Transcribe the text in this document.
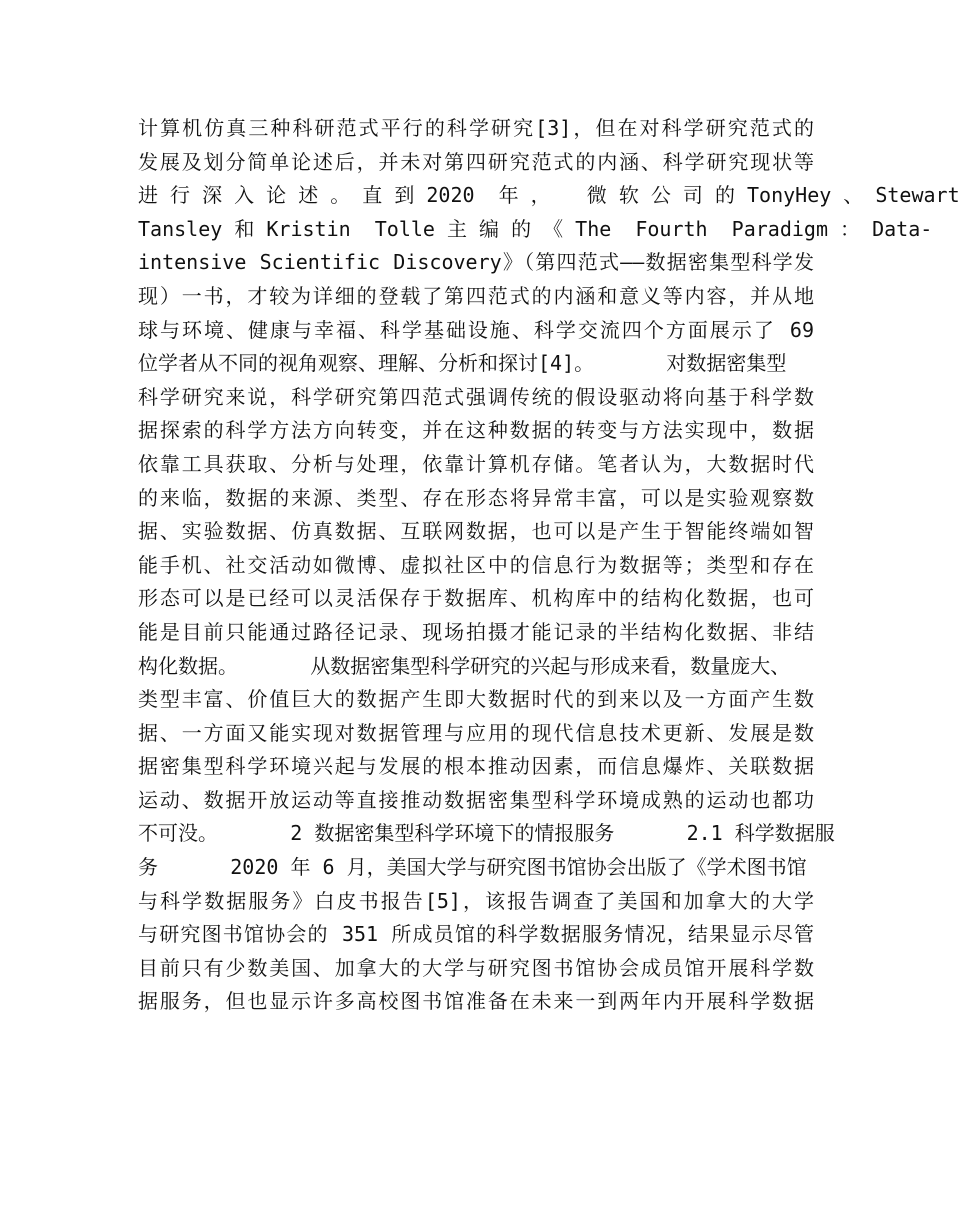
计算机仿真三种科研范式平行的科学研究[3]，但在对科学研究范式的
发展及划分简单论述后，并未对第四研究范式的内涵、科学研究现状等
进 行 深 入 论 述 。 直 到 2020  年 ，   微 软 公 司 的 TonyHey 、 Stewart
Tansley 和 Kristin  Tolle 主 编 的 《 The  Fourth  Paradigm ： Data-
intensive Scientific Discovery》（第四范式——数据密集型科学发
现）一书，才较为详细的登载了第四范式的内涵和意义等内容，并从地
球与环境、健康与幸福、科学基础设施、科学交流四个方面展示了 69
位学者从不同的视角观察、理解、分析和探讨[4]。      对数据密集型
科学研究来说，科学研究第四范式强调传统的假设驱动将向基于科学数
据探索的科学方法方向转变，并在这种数据的转变与方法实现中，数据
依靠工具获取、分析与处理，依靠计算机存储。笔者认为，大数据时代
的来临，数据的来源、类型、存在形态将异常丰富，可以是实验观察数
据、实验数据、仿真数据、互联网数据，也可以是产生于智能终端如智
能手机、社交活动如微博、虚拟社区中的信息行为数据等；类型和存在
形态可以是已经可以灵活保存于数据库、机构库中的结构化数据，也可
能是目前只能通过路径记录、现场拍摄才能记录的半结构化数据、非结
构化数据。      从数据密集型科学研究的兴起与形成来看，数量庞大、
类型丰富、价值巨大的数据产生即大数据时代的到来以及一方面产生数
据、一方面又能实现对数据管理与应用的现代信息技术更新、发展是数
据密集型科学环境兴起与发展的根本推动因素，而信息爆炸、关联数据
运动、数据开放运动等直接推动数据密集型科学环境成熟的运动也都功
不可没。      2 数据密集型科学环境下的情报服务      2.1 科学数据服
务      2020 年 6 月，美国大学与研究图书馆协会出版了《学术图书馆
与科学数据服务》白皮书报告[5]，该报告调查了美国和加拿大的大学
与研究图书馆协会的 351 所成员馆的科学数据服务情况，结果显示尽管
目前只有少数美国、加拿大的大学与研究图书馆协会成员馆开展科学数
据服务，但也显示许多高校图书馆准备在未来一到两年内开展科学数据
